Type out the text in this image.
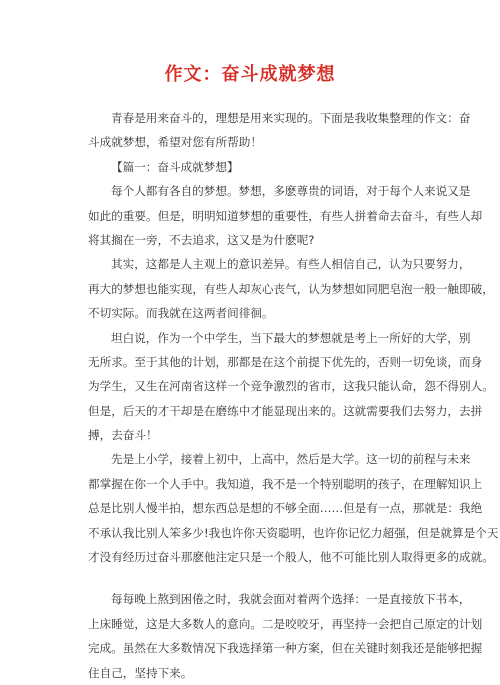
作文：奋斗成就梦想
青春是用来奋斗的，理想是用来实现的。下面是我收集整理的作文：奋
斗成就梦想，希望对您有所帮助！
【篇一：奋斗成就梦想】
每个人都有各自的梦想。梦想，多麽尊贵的词语，对于每个人来说又是
如此的重要。但是，明明知道梦想的重要性，有些人拼着命去奋斗，有些人却
将其搁在一旁，不去追求，这又是为什麽呢?
其实，这都是人主观上的意识差异。有些人相信自己，认为只要努力，
再大的梦想也能实现，有些人却灰心丧气，认为梦想如同肥皂泡一般一触即破，
不切实际。而我就在这两者间徘徊。
坦白说，作为一个中学生，当下最大的梦想就是考上一所好的大学，别
无所求。至于其他的计划，那都是在这个前提下优先的，否则一切免谈，而身
为学生，又生在河南省这样一个竞争激烈的省市，这我只能认命，怨不得别人。
但是，后天的才干却是在磨练中才能显现出来的。这就需要我们去努力，去拼
搏，去奋斗！
先是上小学，接着上初中，上高中，然后是大学。这一切的前程与未来
都掌握在你一个人手中。我知道，我不是一个特别聪明的孩子，在理解知识上
总是比别人慢半拍，想东西总是想的不够全面……但是有一点，那就是：我绝
不承认我比别人笨多少!我也许你天资聪明，也许你记忆力超强，但是就算是个天
才没有经历过奋斗那麽他注定只是一个般人，他不可能比别人取得更多的成就。
每每晚上熬到困倦之时，我就会面对着两个选择：一是直接放下书本，
上床睡觉，这是大多数人的意向。二是咬咬牙，再坚持一会把自己原定的计划
完成。虽然在大多数情况下我选择第一种方案，但在关键时刻我还是能够把握
住自己，坚持下来。
